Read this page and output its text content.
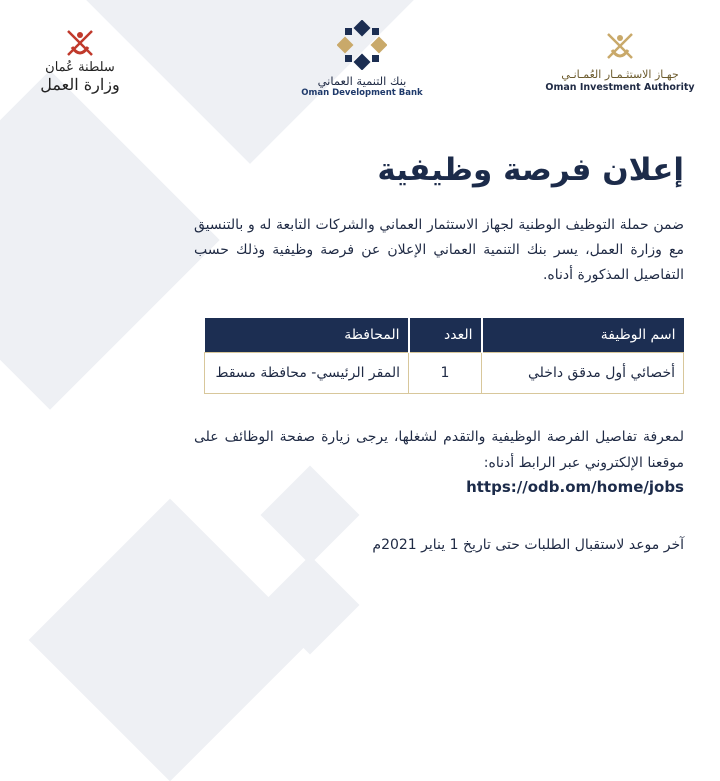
جهـاز الاستثـمـار العُمـانـي
Oman Investment Authority
بنك التنمية العماني
Oman Development Bank
سلطنة عُمان
وزارة العمل
إعلان فرصة وظيفية
ضمن حملة التوظيف الوطنية لجهاز الاستثمار العماني والشركات التابعة له و بالتنسيق مع وزارة العمل، يسر بنك التنمية العماني الإعلان عن فرصة وظيفية وذلك حسب التفاصيل المذكورة أدناه.
اسم الوظيفة	العدد	المحافظة
أخصائي أول مدقق داخلي	1	المقر الرئيسي- محافظة مسقط
لمعرفة تفاصيل الفرصة الوظيفية والتقدم لشغلها، يرجى زيارة صفحة الوظائف على موقعنا الإلكتروني عبر الرابط أدناه:
https://odb.om/home/jobs
آخر موعد لاستقبال الطلبات حتى تاريخ 1 يناير 2021م
